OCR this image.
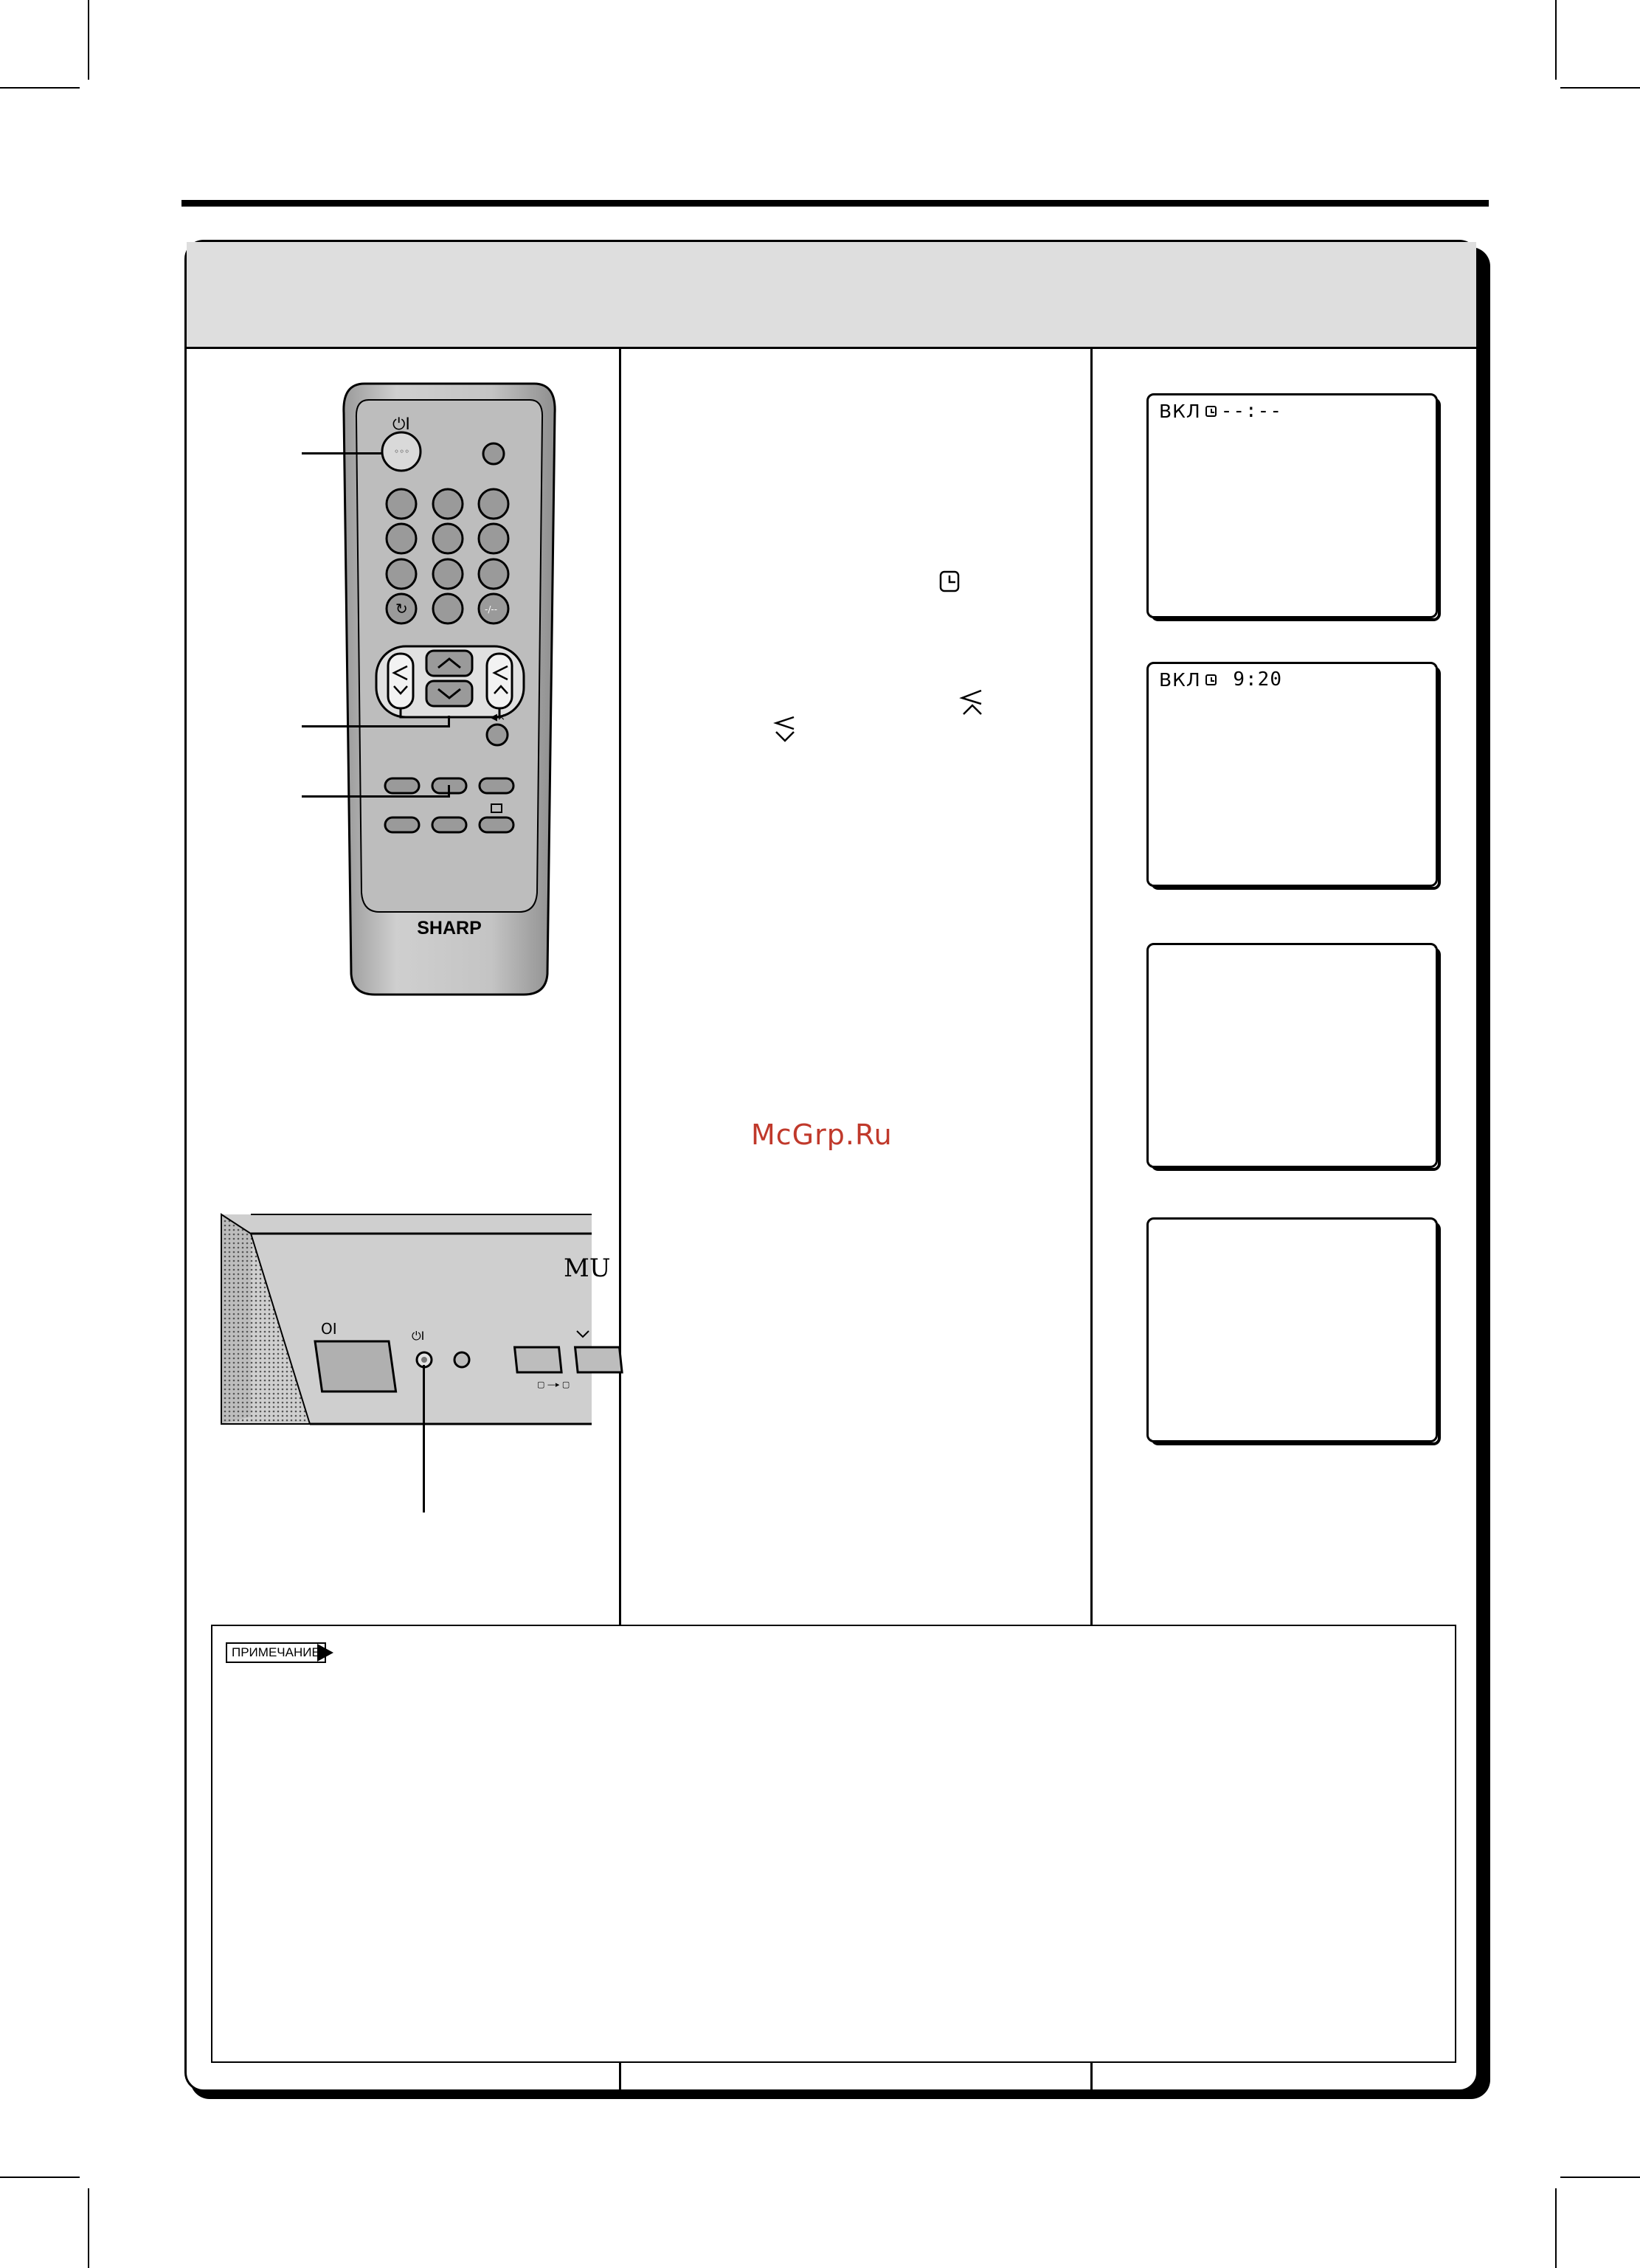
◦◦◦
⏻I
↻	-/--
◀×
SHARP
OI	⏻I
MU
▢ —▸ ▢
ВКЛ --:--
ВКЛ 9:20
McGrp.Ru
ПРИМЕЧАНИЕ
